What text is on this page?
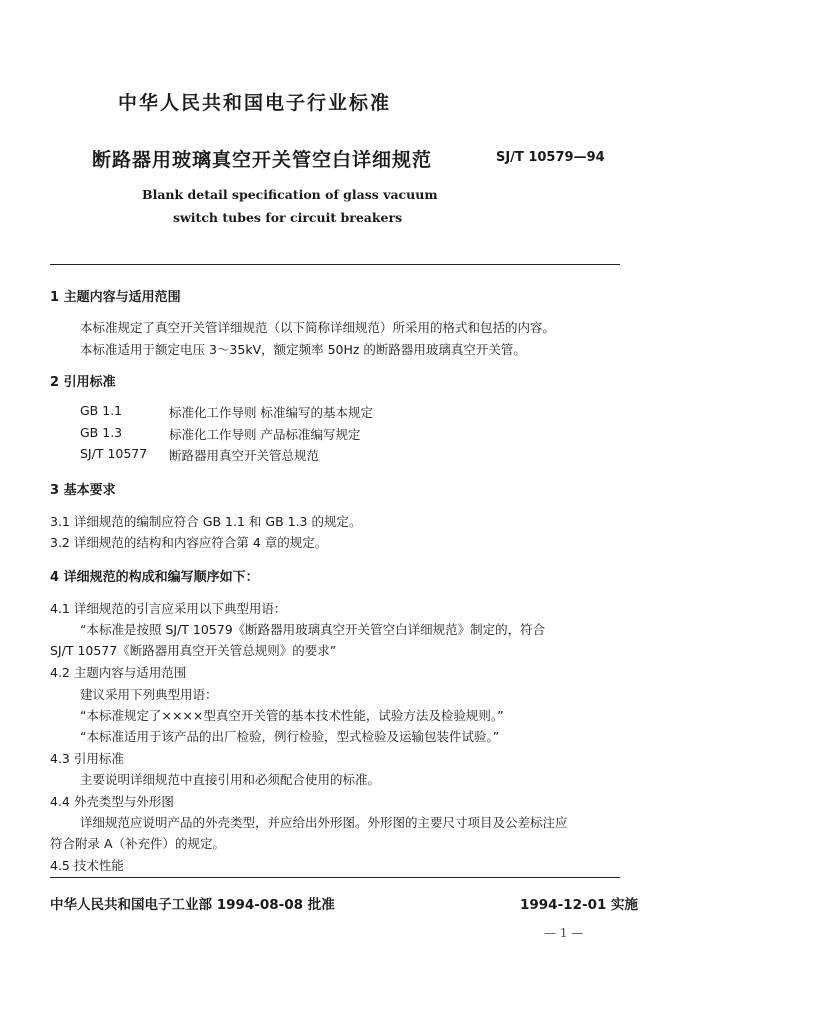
中华人民共和国电子行业标准
断路器用玻璃真空开关管空白详细规范	SJ/T 10579—94
Blank detail specification of glass vacuum
switch tubes for circuit breakers
1 主题内容与适用范围
本标准规定了真空开关管详细规范（以下简称详细规范）所采用的格式和包括的内容。
本标准适用于额定电压 3～35kV，额定频率 50Hz 的断路器用玻璃真空开关管。
2 引用标准
GB 1.1	标准化工作导则 标准编写的基本规定
GB 1.3	标准化工作导则 产品标准编写规定
SJ/T 10577 断路器用真空开关管总规范
3 基本要求
3.1 详细规范的编制应符合 GB 1.1 和 GB 1.3 的规定。
3.2 详细规范的结构和内容应符合第 4 章的规定。
4 详细规范的构成和编写顺序如下：
4.1 详细规范的引言应采用以下典型用语：
“本标准是按照 SJ/T 10579《断路器用玻璃真空开关管空白详细规范》制定的，符合
SJ/T 10577《断路器用真空开关管总规则》的要求”
4.2 主题内容与适用范围
建议采用下列典型用语：
“本标准规定了××××型真空开关管的基本技术性能，试验方法及检验规则。”
“本标准适用于该产品的出厂检验，例行检验，型式检验及运输包装件试验。”
4.3 引用标准
主要说明详细规范中直接引用和必须配合使用的标准。
4.4 外壳类型与外形图
详细规范应说明产品的外壳类型，并应给出外形图。外形图的主要尺寸项目及公差标注应
符合附录 A（补充件）的规定。
4.5 技术性能
中华人民共和国电子工业部 1994-08-08 批准	1994-12-01 实施
— 1 —
